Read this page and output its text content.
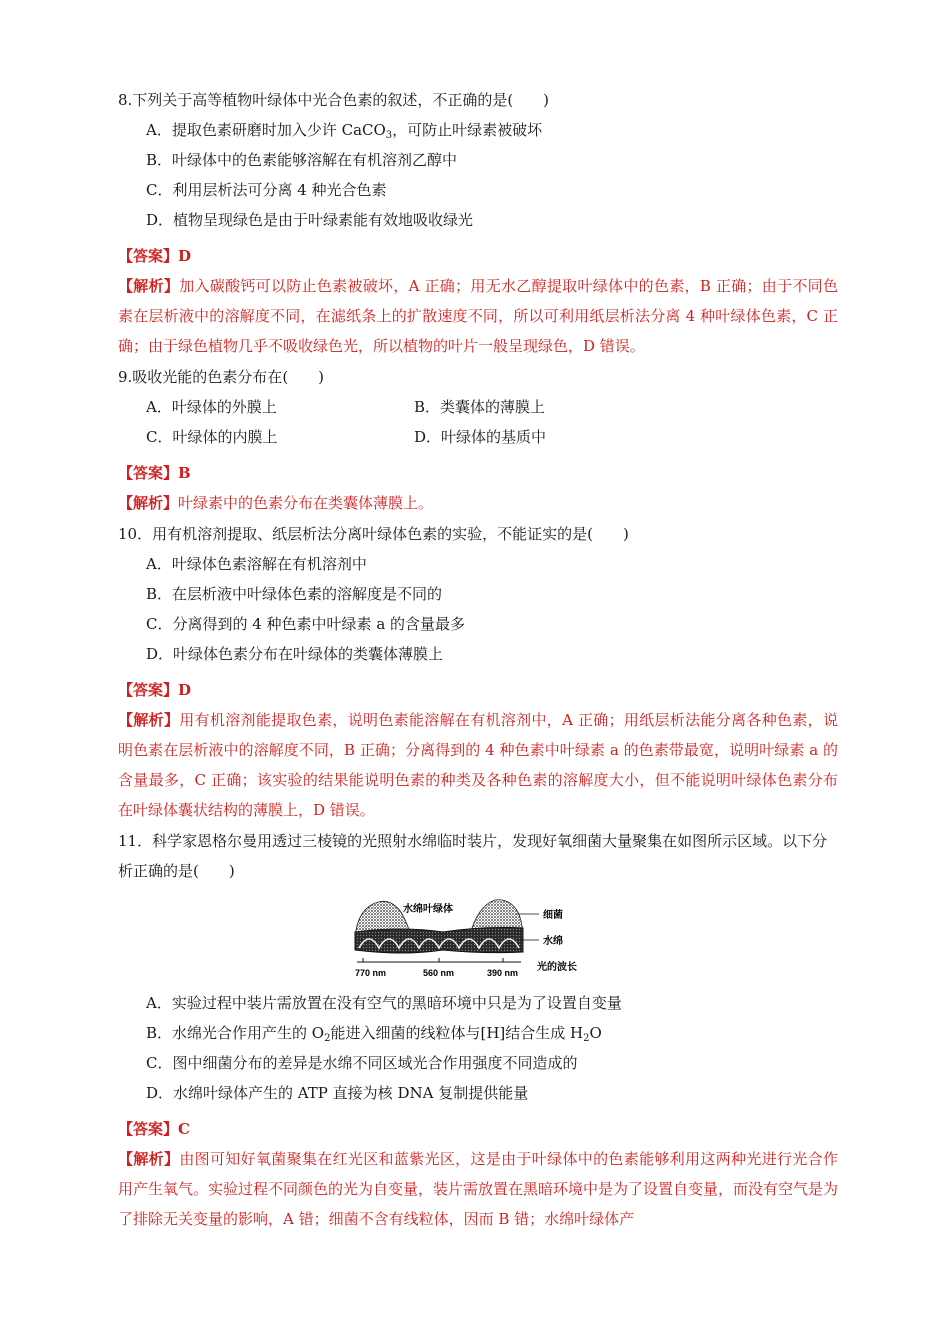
8.下列关于高等植物叶绿体中光合色素的叙述，不正确的是(　　)
A．提取色素研磨时加入少许 CaCO$_3$，可防止叶绿素被破坏
B．叶绿体中的色素能够溶解在有机溶剂乙醇中
C．利用层析法可分离 4 种光合色素
D．植物呈现绿色是由于叶绿素能有效地吸收绿光
【答案】D
【解析】加入碳酸钙可以防止色素被破坏，A 正确；用无水乙醇提取叶绿体中的色素，B 正确；由于不同色素在层析液中的溶解度不同，在滤纸条上的扩散速度不同，所以可利用纸层析法分离 4 种叶绿体色素，C 正确；由于绿色植物几乎不吸收绿色光，所以植物的叶片一般呈现绿色，D 错误。
9.吸收光能的色素分布在(　　)
A．叶绿体的外膜上	B．类囊体的薄膜上
C．叶绿体的内膜上	D．叶绿体的基质中
【答案】B
【解析】叶绿素中的色素分布在类囊体薄膜上。
10．用有机溶剂提取、纸层析法分离叶绿体色素的实验，不能证实的是(　　)
A．叶绿体色素溶解在有机溶剂中
B．在层析液中叶绿体色素的溶解度是不同的
C．分离得到的 4 种色素中叶绿素 a 的含量最多
D．叶绿体色素分布在叶绿体的类囊体薄膜上
【答案】D
【解析】用有机溶剂能提取色素，说明色素能溶解在有机溶剂中，A 正确；用纸层析法能分离各种色素，说明色素在层析液中的溶解度不同，B 正确；分离得到的 4 种色素中叶绿素 a 的色素带最宽，说明叶绿素 a 的含量最多，C 正确；该实验的结果能说明色素的种类及各种色素的溶解度大小，但不能说明叶绿体色素分布在叶绿体囊状结构的薄膜上，D 错误。
11．科学家恩格尔曼用透过三棱镜的光照射水绵临时装片，发现好氧细菌大量聚集在如图所示区域。以下分析正确的是(　　)
770 nm	560 nm	390 nm
水绵叶绿体
细菌
水绵
光的波长
A．实验过程中装片需放置在没有空气的黑暗环境中只是为了设置自变量
B．水绵光合作用产生的 $O_2$能进入细菌的线粒体与[H]结合生成 $H_2O$
C．图中细菌分布的差异是水绵不同区域光合作用强度不同造成的
D．水绵叶绿体产生的 ATP 直接为核 DNA 复制提供能量
【答案】C
【解析】由图可知好氧菌聚集在红光区和蓝紫光区，这是由于叶绿体中的色素能够利用这两种光进行光合作用产生氧气。实验过程不同颜色的光为自变量，装片需放置在黑暗环境中是为了设置自变量，而没有空气是为了排除无关变量的影响，A 错；细菌不含有线粒体，因而 B 错；水绵叶绿体产
